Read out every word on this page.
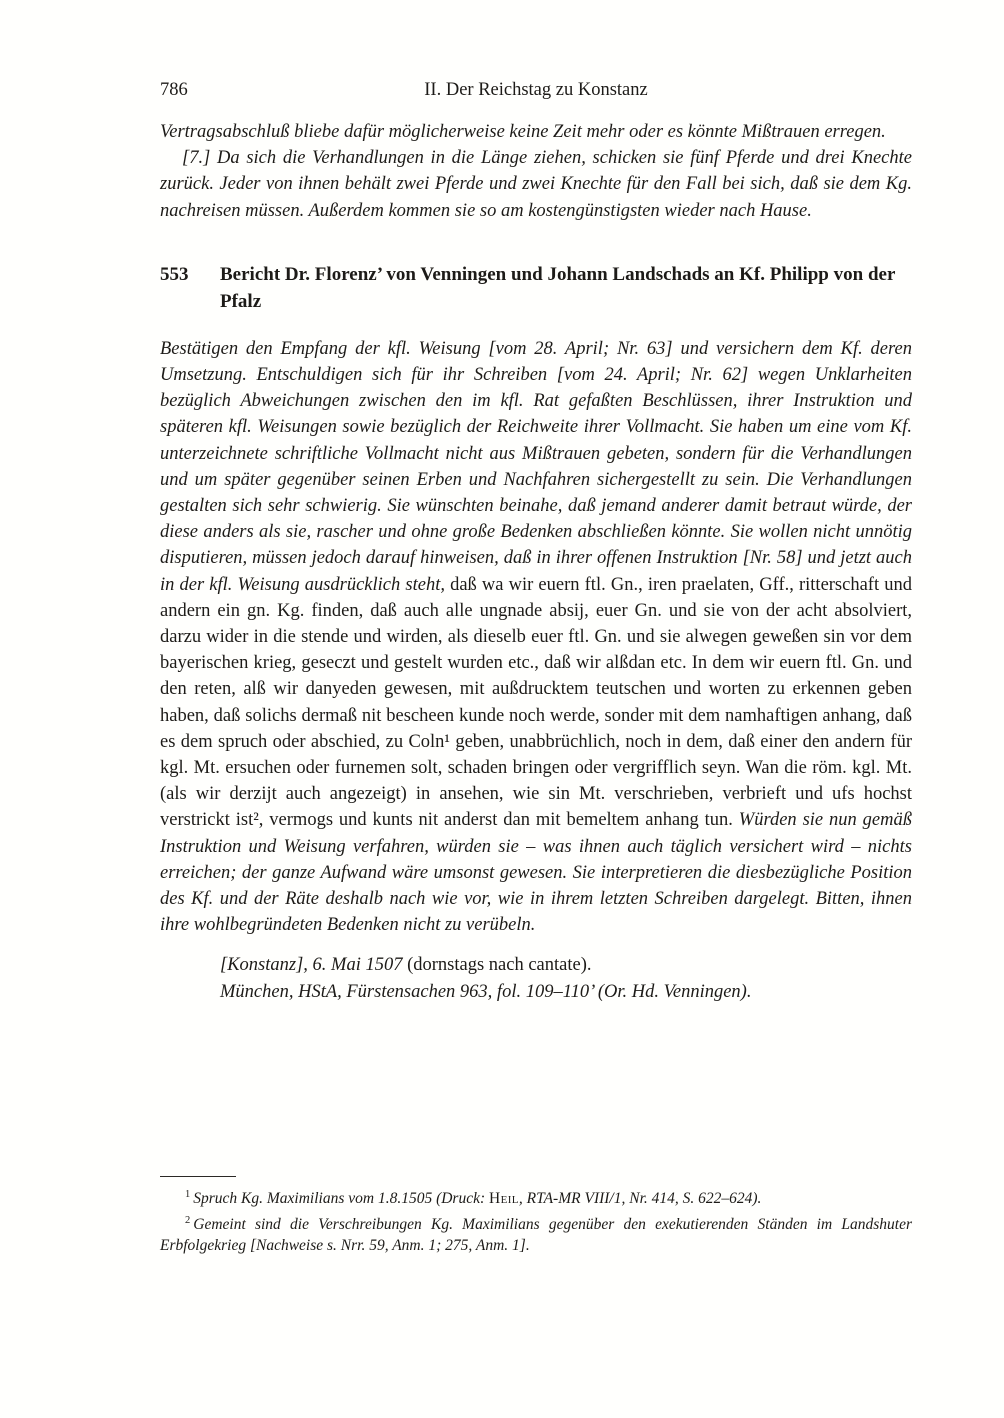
786	II. Der Reichstag zu Konstanz

Vertragsabschluß bliebe dafür möglicherweise keine Zeit mehr oder es könnte Mißtrauen erregen.

[7.] Da sich die Verhandlungen in die Länge ziehen, schicken sie fünf Pferde und drei Knechte zurück. Jeder von ihnen behält zwei Pferde und zwei Knechte für den Fall bei sich, daß sie dem Kg. nachreisen müssen. Außerdem kommen sie so am kostengünstigsten wieder nach Hause.

553 Bericht Dr. Florenz’ von Venningen und Johann Landschads an Kf. Philipp von der Pfalz

Bestätigen den Empfang der kfl. Weisung [vom 28. April; Nr. 63] und versichern dem Kf. deren Umsetzung. Entschuldigen sich für ihr Schreiben [vom 24. April; Nr. 62] wegen Unklarheiten bezüglich Abweichungen zwischen den im kfl. Rat gefaßten Beschlüssen, ihrer Instruktion und späteren kfl. Weisungen sowie bezüglich der Reichweite ihrer Vollmacht. Sie haben um eine vom Kf. unterzeichnete schriftliche Vollmacht nicht aus Mißtrauen gebeten, sondern für die Verhandlungen und um später gegenüber seinen Erben und Nachfahren sichergestellt zu sein. Die Verhandlungen gestalten sich sehr schwierig. Sie wünschten beinahe, daß jemand anderer damit betraut würde, der diese anders als sie, rascher und ohne große Bedenken abschließen könnte. Sie wollen nicht unnötig disputieren, müssen jedoch darauf hinweisen, daß in ihrer offenen Instruktion [Nr. 58] und jetzt auch in der kfl. Weisung ausdrücklich steht, daß wa wir euern ftl. Gn., iren praelaten, Gff., ritterschaft und andern ein gn. Kg. finden, daß auch alle ungnade absij, euer Gn. und sie von der acht absolviert, darzu wider in die stende und wirden, als dieselb euer ftl. Gn. und sie alwegen geweßen sin vor dem bayerischen krieg, geseczt und gestelt wurden etc., daß wir alßdan etc. In dem wir euern ftl. Gn. und den reten, alß wir danyeden gewesen, mit außdrucktem teutschen und worten zu erkennen geben haben, daß solichs dermaß nit bescheen kunde noch werde, sonder mit dem namhaftigen anhang, daß es dem spruch oder abschied, zu Coln¹ geben, unabbrüchlich, noch in dem, daß einer den andern für kgl. Mt. ersuchen oder furnemen solt, schaden bringen oder vergrifflich seyn. Wan die röm. kgl. Mt. (als wir derzijt auch angezeigt) in ansehen, wie sin Mt. verschrieben, verbrieft und ufs hochst verstrickt ist², vermogs und kunts nit anderst dan mit bemeltem anhang tun. Würden sie nun gemäß Instruktion und Weisung verfahren, würden sie – was ihnen auch täglich versichert wird – nichts erreichen; der ganze Aufwand wäre umsonst gewesen. Sie interpretieren die diesbezügliche Position des Kf. und der Räte deshalb nach wie vor, wie in ihrem letzten Schreiben dargelegt. Bitten, ihnen ihre wohlbegründeten Bedenken nicht zu verübeln.

[Konstanz], 6. Mai 1507 (dornstags nach cantate).

München, HStA, Fürstensachen 963, fol. 109–110’ (Or. Hd. Venningen).

$^1$ Spruch Kg. Maximilians vom 1.8.1505 (Druck: Heil, RTA-MR VIII/1, Nr. 414, S. 622–624).

$^2$ Gemeint sind die Verschreibungen Kg. Maximilians gegenüber den exekutierenden Ständen im Landshuter Erbfolgekrieg [Nachweise s. Nrr. 59, Anm. 1; 275, Anm. 1].
